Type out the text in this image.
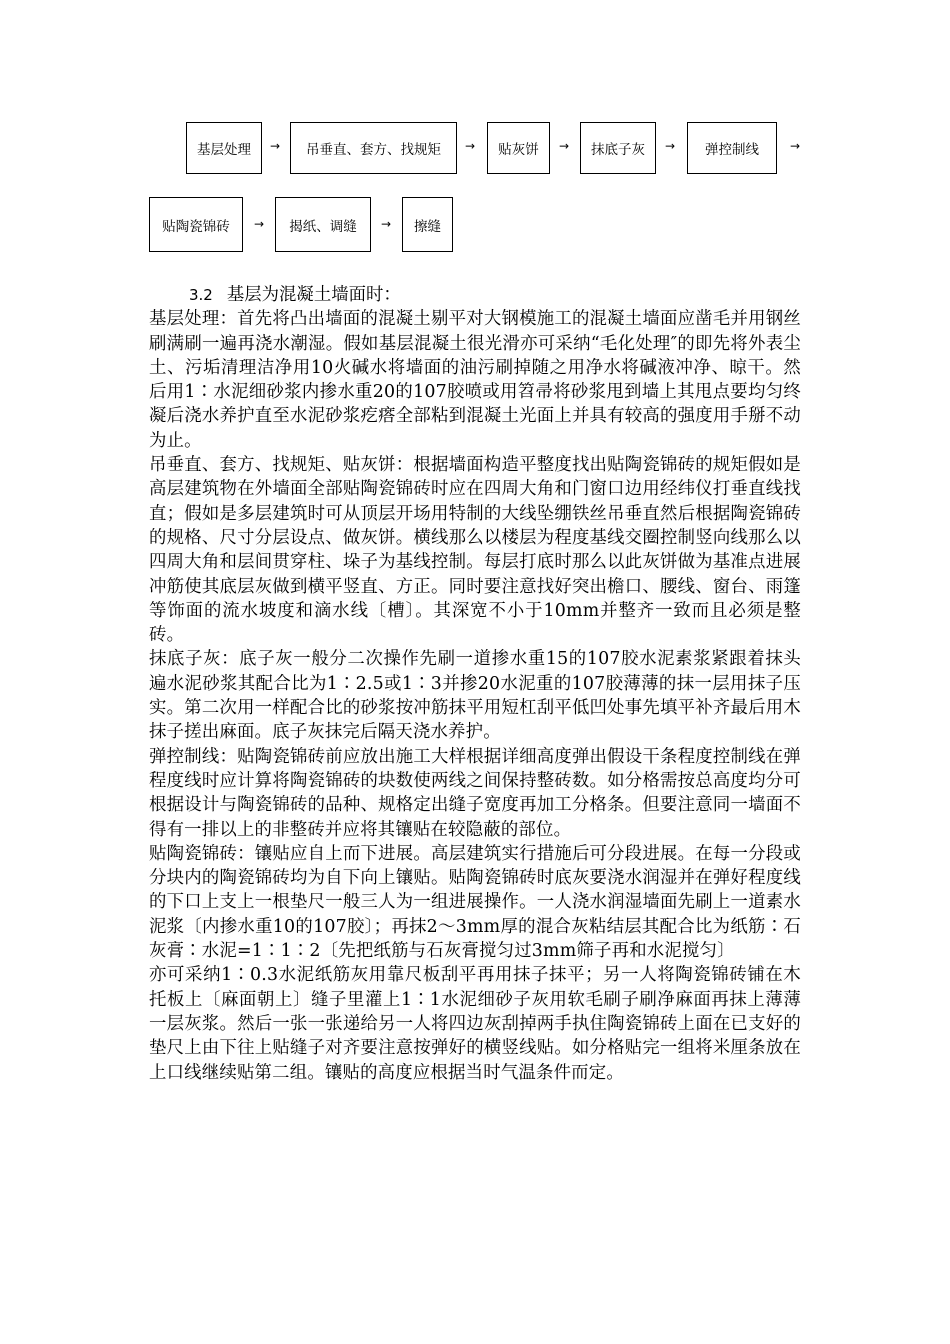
基层处理	→	吊垂直、套方、找规矩	→	贴灰饼	→	抹底子灰	→	弹控制线	→
贴陶瓷锦砖	→	揭纸、调缝	→	擦缝

3.2 基层为混凝土墙面时：

基层处理：首先将凸出墙面的混凝土剔平对大钢模施工的混凝土墙面应凿毛并用钢丝刷满刷一遍再浇水潮湿。假如基层混凝土很光滑亦可采纳“毛化处理″的即先将外表尘土、污垢清理洁净用10火碱水将墙面的油污刷掉随之用净水将碱液冲净、晾干。然后用1∶水泥细砂浆内掺水重20的107胶喷或用笤帚将砂浆甩到墙上其甩点要均匀终凝后浇水养护直至水泥砂浆疙瘩全部粘到混凝土光面上并具有较高的强度用手掰不动为止。

吊垂直、套方、找规矩、贴灰饼：根据墙面构造平整度找出贴陶瓷锦砖的规矩假如是高层建筑物在外墙面全部贴陶瓷锦砖时应在四周大角和门窗口边用经纬仪打垂直线找直；假如是多层建筑时可从顶层开场用特制的大线坠绷铁丝吊垂直然后根据陶瓷锦砖的规格、尺寸分层设点、做灰饼。横线那么以楼层为程度基线交圈控制竖向线那么以四周大角和层间贯穿柱、垛子为基线控制。每层打底时那么以此灰饼做为基准点进展冲筋使其底层灰做到横平竖直、方正。同时要注意找好突出檐口、腰线、窗台、雨篷等饰面的流水坡度和滴水线〔槽〕。其深宽不小于10mm并整齐一致而且必须是整砖。

抹底子灰：底子灰一般分二次操作先刷一道掺水重15的107胶水泥素浆紧跟着抹头遍水泥砂浆其配合比为1∶2.5或1∶3并掺20水泥重的107胶薄薄的抹一层用抹子压实。第二次用一样配合比的砂浆按冲筋抹平用短杠刮平低凹处事先填平补齐最后用木抹子搓出麻面。底子灰抹完后隔天浇水养护。

弹控制线：贴陶瓷锦砖前应放出施工大样根据详细高度弹出假设干条程度控制线在弹程度线时应计算将陶瓷锦砖的块数使两线之间保持整砖数。如分格需按总高度均分可根据设计与陶瓷锦砖的品种、规格定出缝子宽度再加工分格条。但要注意同一墙面不得有一排以上的非整砖并应将其镶贴在较隐蔽的部位。

贴陶瓷锦砖：镶贴应自上而下进展。高层建筑实行措施后可分段进展。在每一分段或分块内的陶瓷锦砖均为自下向上镶贴。贴陶瓷锦砖时底灰要浇水润湿并在弹好程度线的下口上支上一根垫尺一般三人为一组进展操作。一人浇水润湿墙面先刷上一道素水泥浆〔内掺水重10的107胶〕；再抹2～3mm厚的混合灰粘结层其配合比为纸筋∶石灰膏∶水泥=1∶1∶2〔先把纸筋与石灰膏搅匀过3mm筛子再和水泥搅匀〕

亦可采纳1∶0.3水泥纸筋灰用靠尺板刮平再用抹子抹平；另一人将陶瓷锦砖铺在木托板上〔麻面朝上〕缝子里灌上1∶1水泥细砂子灰用软毛刷子刷净麻面再抹上薄薄一层灰浆。然后一张一张递给另一人将四边灰刮掉两手执住陶瓷锦砖上面在已支好的垫尺上由下往上贴缝子对齐要注意按弹好的横竖线贴。如分格贴完一组将米厘条放在上口线继续贴第二组。镶贴的高度应根据当时气温条件而定。
